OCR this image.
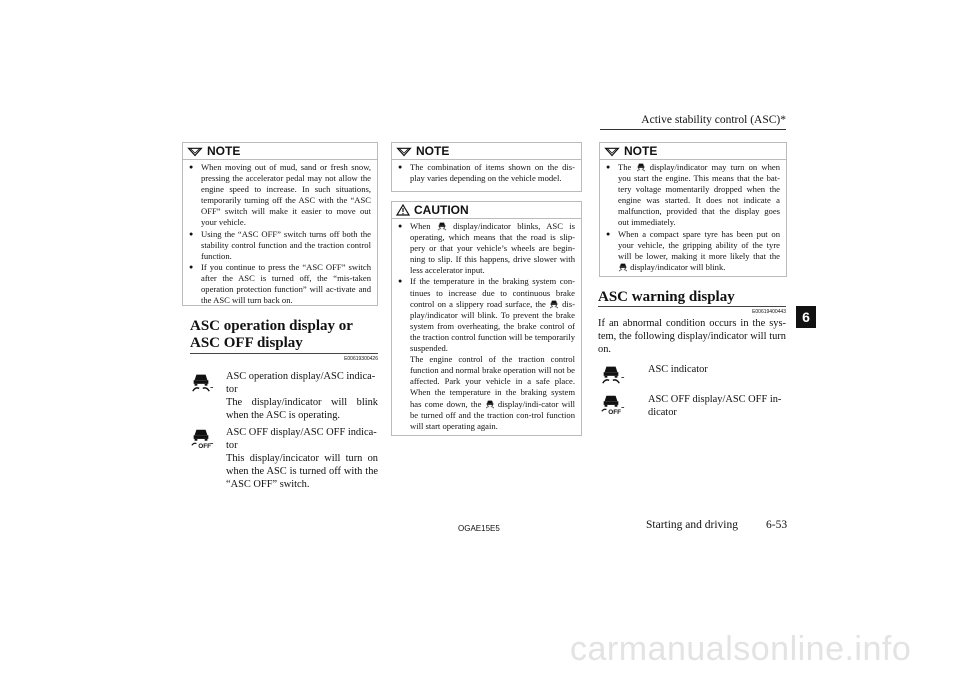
Active stability control (ASC)*
6
NOTE

● When moving out of mud, sand or fresh snow, pressing the accelerator pedal may not allow the engine speed to increase. In such situations, temporarily turning off the ASC with the “ASC OFF” switch will make it easier to move out your vehicle.

● Using the “ASC OFF” switch turns off both the stability control function and the traction control function.

● If you continue to press the “ASC OFF” switch after the ASC is turned off, the “mis-taken operation protection function” will ac-tivate and the ASC will turn back on.

ASC operation display or ASC OFF display
E00619300426
-
ASC operation display/ASC indica-tor
The display/indicator will blink when the ASC is operating.
-
ASC OFF display/ASC OFF indica-tor
This display/incicator will turn on when the ASC is turned off with the “ASC OFF” switch.
NOTE

● The combination of items shown on the dis-play varies depending on the vehicle model.

CAUTION

● When	display/indicator blinks, ASC is operating, which means that the road is slip-pery or that your vehicle’s wheels are begin-ning to slip. If this happens, drive slower with less accelerator input.

● If the temperature in the braking system con-tinues to increase due to continuous brake control on a slippery road surface, the dis-play/indicator will blink. To prevent the brake system from overheating, the brake control of the traction control function will be temporarily suspended.

The engine control of the traction control function and normal brake operation will not be affected. Park your vehicle in a safe place. When the temperature in the braking system has come down, the display/indi-cator will be turned off and the traction con-trol function will start operating again.

NOTE

● The display/indicator may turn on when you start the engine. This means that the bat-tery voltage momentarily dropped when the engine was started. It does not indicate a malfunction, provided that the display goes out immediately.

● When a compact spare tyre has been put on your vehicle, the gripping ability of the tyre will be lower, making it more likely that the  display/indicator will blink.

ASC warning display
E00619400443
If an abnormal condition occurs in the sys-tem, the following display/indicator will turn on.
-
ASC indicator
-
ASC OFF display/ASC OFF in-dicator
OGAE15E5	Starting and driving 6-53
carmanualsonline.info
